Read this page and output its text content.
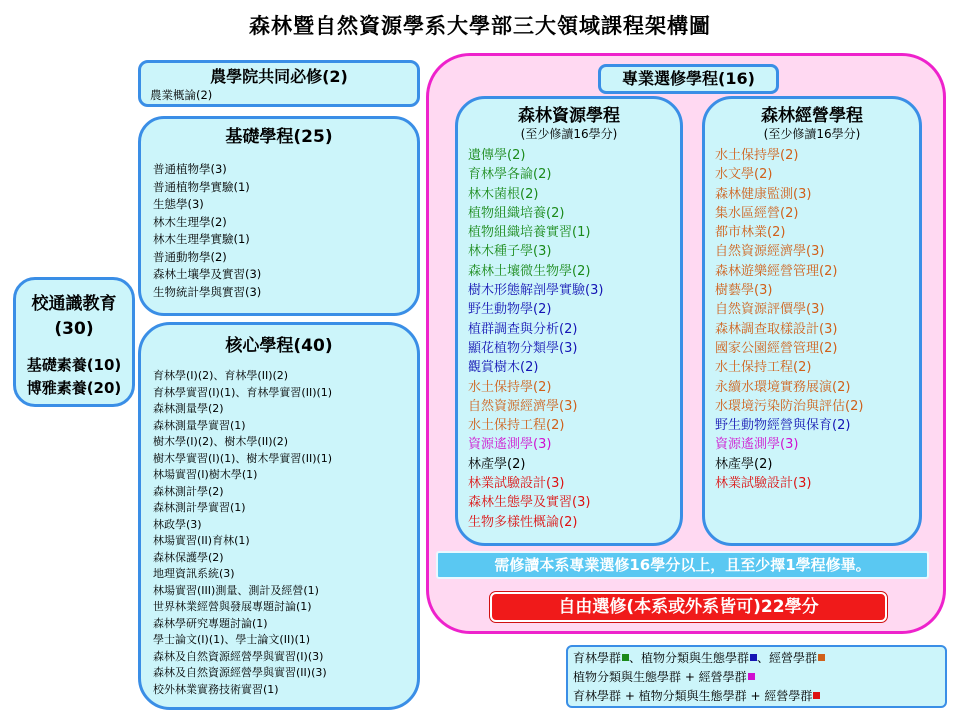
森林暨自然資源學系大學部三大領域課程架構圖
校通識教育
(30)
基礎素養(10)
博雅素養(20)
農學院共同必修(2)
農業概論(2)
基礎學程(25)
普通植物學(3)
普通植物學實驗(1)
生態學(3)
林木生理學(2)
林木生理學實驗(1)
普通動物學(2)
森林土壤學及實習(3)
生物統計學與實習(3)
核心學程(40)
育林學(I)(2)、育林學(II)(2)
育林學實習(I)(1)、育林學實習(II)(1)
森林測量學(2)
森林測量學實習(1)
樹木學(I)(2)、樹木學(II)(2)
樹木學實習(I)(1)、樹木學實習(II)(1)
林場實習(I)樹木學(1)
森林測計學(2)
森林測計學實習(1)
林政學(3)
林場實習(II)育林(1)
森林保護學(2)
地理資訊系統(3)
林場實習(III)測量、測計及經營(1)
世界林業經營與發展專題討論(1)
森林學研究專題討論(1)
學士論文(I)(1)、學士論文(II)(1)
森林及自然資源經營學與實習(I)(3)
森林及自然資源經營學與實習(II)(3)
校外林業實務技術實習(1)
專業選修學程(16)
森林資源學程
(至少修讀16學分)
遺傳學(2)
育林學各論(2)
林木菌根(2)
植物組織培養(2)
植物組織培養實習(1)
林木種子學(3)
森林土壤微生物學(2)
樹木形態解剖學實驗(3)
野生動物學(2)
植群調查與分析(2)
顯花植物分類學(3)
觀賞樹木(2)
水土保持學(2)
自然資源經濟學(3)
水土保持工程(2)
資源遙測學(3)
林產學(2)
林業試驗設計(3)
森林生態學及實習(3)
生物多樣性概論(2)
森林經營學程
(至少修讀16學分)
水土保持學(2)
水文學(2)
森林健康監測(3)
集水區經營(2)
都市林業(2)
自然資源經濟學(3)
森林遊樂經營管理(2)
樹藝學(3)
自然資源評價學(3)
森林調查取樣設計(3)
國家公園經營管理(2)
水土保持工程(2)
永續水環境實務展演(2)
水環境污染防治與評估(2)
野生動物經營與保育(2)
資源遙測學(3)
林產學(2)
林業試驗設計(3)
需修讀本系專業選修16學分以上，且至少擇1學程修畢。
自由選修(本系或外系皆可)22學分
育林學群 、植物分類與生態學群 、經營學群
植物分類與生態學群 + 經營學群
育林學群 + 植物分類與生態學群 + 經營學群
